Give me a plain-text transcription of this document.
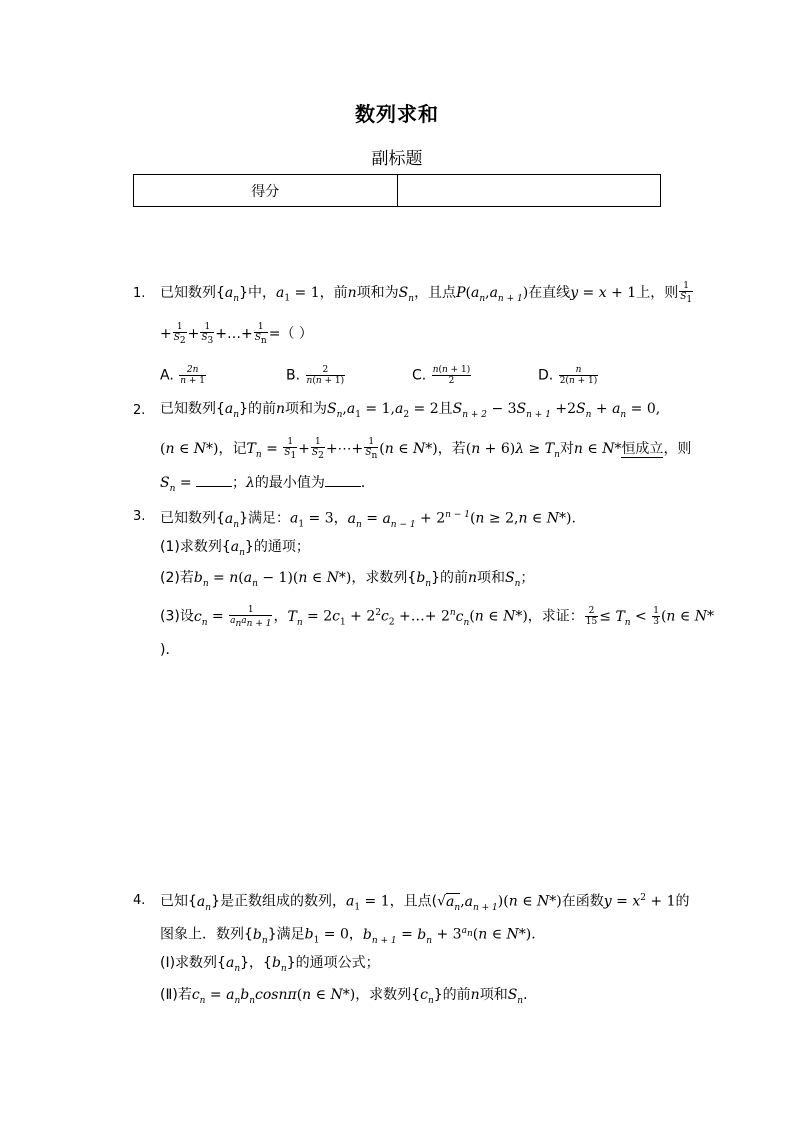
数列求和
副标题
得分	
1. 已知数列$\{a_n\}$中，$a_1 = 1$，前n项和为$S_n$，且点$P(a_n,a_{n + 1})$在直线y = x + 1上，则 $\frac{1}{S_1}$
+ $\frac{1}{S_2} + \frac{1}{S_3}$ +…+ $\frac{1}{S_n}$ =（ ）
A. $\frac{2n}{n + 1}$	B. $\frac{2}{n(n + 1)}$	C. $\frac{n(n + 1)}{2}$	D. $\frac{n}{2(n + 1)}$
2. 已知数列$\{a_n\}$的前n项和为$S_n,a_1 = 1,a_2 = 2$且$S_{n + 2} - 3S_{n + 1} +2S_n + a_n = 0$,
(n ∈ N*)，记$T_n = \frac{1}{S_1} + \frac{1}{S_2}$ +⋯+ $\frac{1}{S_n} (n$ ∈ N*)，若$(n + 6)\lambda \ge T_n$对n ∈ N*恒成立，则
$S_n$ =	；λ的最小值为	．
3. 已知数列$\{a_n\}$满足：$a_1 = 3$，$a_n = a_{n - 1} + 2^{n - 1}(n \ge 2,n$ ∈ N*).
(1)求数列$\{a_n\}$的通项；
(2)若$b_n = n(a_n - 1)(n$ ∈ N*)，求数列$\{b_n\}$的前n项和$S_n$；
(3)设$c_n = \frac{1}{a_na_{n + 1}}$ ，$T_n = 2c_1 + 2^2c_2$ +…+ $2^nc_n(n$ ∈ N*)，求证： $\frac{2}{15} \le T_n < \frac{1}{3} (n$ ∈ N*
)．
4. 已知$\{a_n\}$是正数组成的数列，$a_1 = 1$，且点$(√a_n,a_{n + 1})(n$ ∈ N*)在函数$y = x^2 + 1$的
图象上．数列$\{b_n\}$满足$b_1 = 0$，$b_{n + 1} = b_n + 3^{a_n}(n$ ∈ N*).
(Ⅰ)求数列$\{a_n\}$，$\{b_n\}$的通项公式；
(Ⅱ)若$c_n = a_nb_n\cos n\pi(n$ ∈ N*)，求数列$\{c_n\}$的前n项和$S_n$.
